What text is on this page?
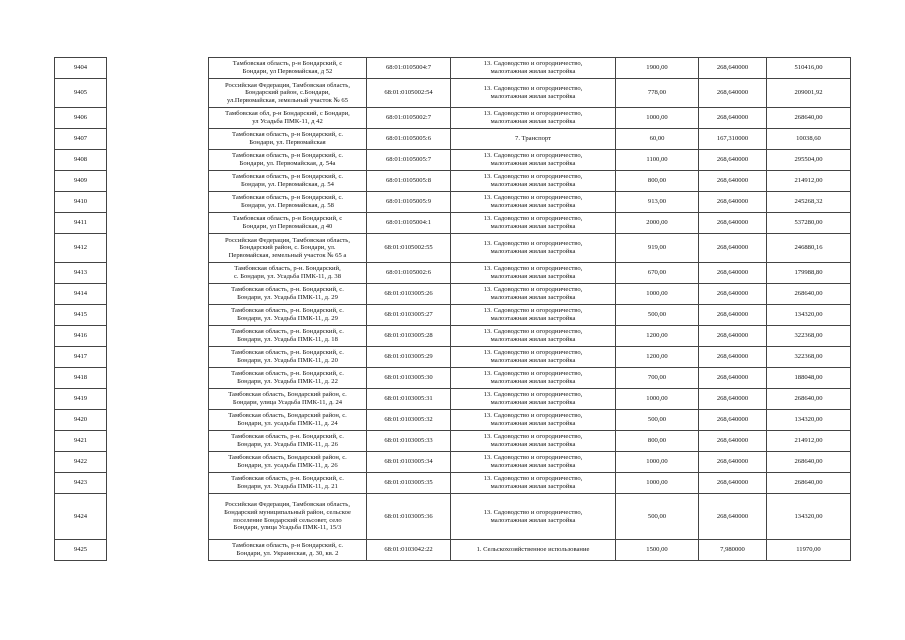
9404		Тамбовская область, р-н Бондарский, с
Бондари, ул Первомайская, д 52	68:01:0105004:7	13. Садоводство и огородничество,
малоэтажная жилая застройка	1900,00	268,640000	510416,00
9405		Российская Федерация, Тамбовская область,
Бондарский район, с.Бондари,
ул.Первомайская, земельный участок № 65	68:01:0105002:54	13. Садоводство и огородничество,
малоэтажная жилая застройка	778,00	268,640000	209001,92
9406		Тамбовская обл, р-н Бондарский, с Бондари,
ул Усадьба ПМК-11, д 42	68:01:0105002:7	13. Садоводство и огородничество,
малоэтажная жилая застройка	1000,00	268,640000	268640,00
9407		Тамбовская область, р-н Бондарский, с.
Бондари, ул. Первомайская	68:01:0105005:6	7. Транспорт	60,00	167,310000	10038,60
9408		Тамбовская область, р-н Бондарский, с.
Бондари, ул. Первомайская, д. 54а	68:01:0105005:7	13. Садоводство и огородничество,
малоэтажная жилая застройка	1100,00	268,640000	295504,00
9409		Тамбовская область, р-н Бондарский, с.
Бондари, ул. Первомайская, д. 54	68:01:0105005:8	13. Садоводство и огородничество,
малоэтажная жилая застройка	800,00	268,640000	214912,00
9410		Тамбовская область, р-н Бондарский, с.
Бондари, ул. Первомайская, д. 58	68:01:0105005:9	13. Садоводство и огородничество,
малоэтажная жилая застройка	913,00	268,640000	245268,32
9411		Тамбовская область, р-н Бондарский, с
Бондари, ул Первомайская, д 40	68:01:0105004:1	13. Садоводство и огородничество,
малоэтажная жилая застройка	2000,00	268,640000	537280,00
9412		Российская Федерация, Тамбовская область,
Бондарский район, с. Бондари, ул.
Первомайская, земельный участок № 65 а	68:01:0105002:55	13. Садоводство и огородничество,
малоэтажная жилая застройка	919,00	268,640000	246880,16
9413		Тамбовская область, р-н. Бондарский,
с. Бондари, ул. Усадьба ПМК-11, д. 38	68:01:0105002:6	13. Садоводство и огородничество,
малоэтажная жилая застройка	670,00	268,640000	179988,80
9414		Тамбовская область, р-н. Бондарский, с.
Бондари, ул. Усадьба ПМК-11, д. 29	68:01:0103005:26	13. Садоводство и огородничество,
малоэтажная жилая застройка	1000,00	268,640000	268640,00
9415		Тамбовская область, р-н. Бондарский, с.
Бондари, ул. Усадьба ПМК-11, д. 29	68:01:0103005:27	13. Садоводство и огородничество,
малоэтажная жилая застройка	500,00	268,640000	134320,00
9416		Тамбовская область, р-н. Бондарский, с.
Бондари, ул. Усадьба ПМК-11, д. 18	68:01:0103005:28	13. Садоводство и огородничество,
малоэтажная жилая застройка	1200,00	268,640000	322368,00
9417		Тамбовская область, р-н. Бондарский, с.
Бондари, ул. Усадьба ПМК-11, д. 20	68:01:0103005:29	13. Садоводство и огородничество,
малоэтажная жилая застройка	1200,00	268,640000	322368,00
9418		Тамбовская область, р-н. Бондарский, с.
Бондари, ул. Усадьба ПМК-11, д. 22	68:01:0103005:30	13. Садоводство и огородничество,
малоэтажная жилая застройка	700,00	268,640000	188048,00
9419		Тамбовская область, Бондарский район, с.
Бондари, улица Усадьба ПМК-11, д. 24	68:01:0103005:31	13. Садоводство и огородничество,
малоэтажная жилая застройка	1000,00	268,640000	268640,00
9420		Тамбовская область, Бондарский район, с.
Бондари, ул. усадьба ПМК-11, д. 24	68:01:0103005:32	13. Садоводство и огородничество,
малоэтажная жилая застройка	500,00	268,640000	134320,00
9421		Тамбовская область, р-н. Бондарский, с.
Бондари, ул. Усадьба ПМК-11, д. 26	68:01:0103005:33	13. Садоводство и огородничество,
малоэтажная жилая застройка	800,00	268,640000	214912,00
9422		Тамбовская область, Бондарский район, с.
Бондари, ул. усадьба ПМК-11, д. 26	68:01:0103005:34	13. Садоводство и огородничество,
малоэтажная жилая застройка	1000,00	268,640000	268640,00
9423		Тамбовская область, р-н. Бондарский, с.
Бондари, ул. Усадьба ПМК-11, д. 21	68:01:0103005:35	13. Садоводство и огородничество,
малоэтажная жилая застройка	1000,00	268,640000	268640,00
9424		Российская Федерация, Тамбовская область,
Бондарский муниципальный район, сельское
поселение Бондарский сельсовет, село
Бондари, улица Усадьба ПМК-11, 15/3	68:01:0103005:36	13. Садоводство и огородничество,
малоэтажная жилая застройка	500,00	268,640000	134320,00
9425		Тамбовская область, р-н Бондарский, с.
Бондари, ул. Украинская, д. 30, кв. 2	68:01:0103042:22	1. Сельскохозяйственное использование	1500,00	7,980000	11970,00
